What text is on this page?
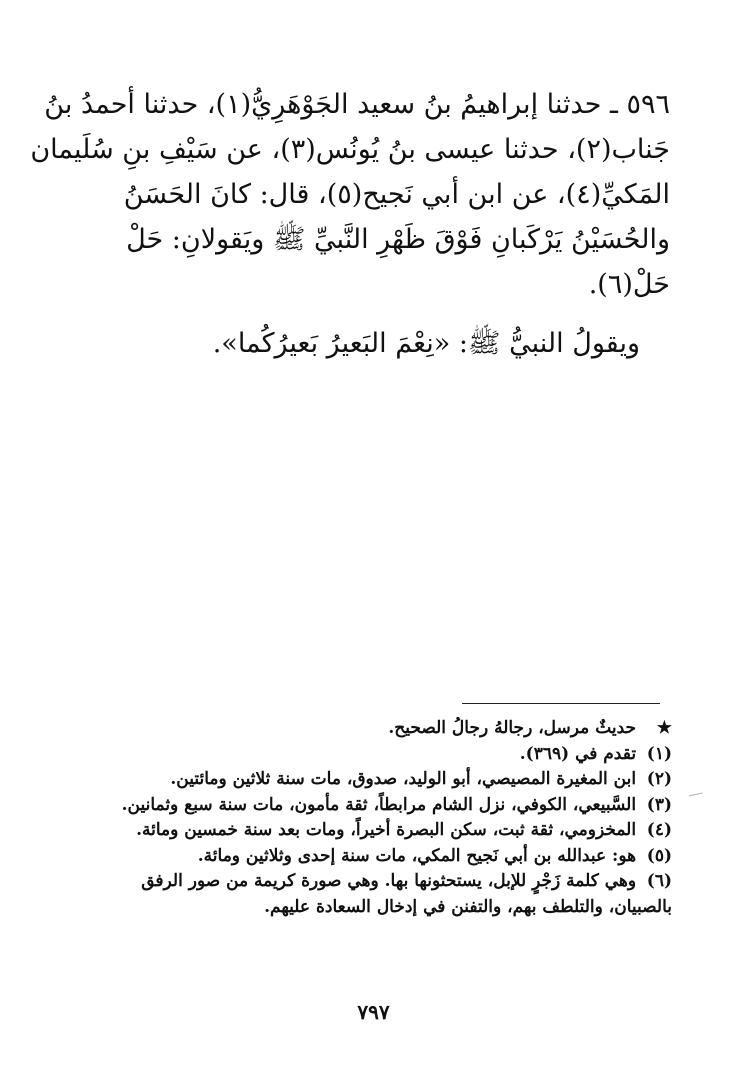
٥٩٦ ـ حدثنا إبراهيمُ بنُ سعيد الجَوْهَرِيُّ(١)، حدثنا أحمدُ بنُ
جَناب(٢)، حدثنا عيسى بنُ يُونُس(٣)، عن سَيْفِ بنِ سُلَيمان
المَكيِّ(٤)، عن ابن أبي نَجيح(٥)، قال: كانَ الحَسَنُ
والحُسَيْنُ يَرْكَبانِ فَوْقَ ظَهْرِ النَّبيِّ ﷺ ويَقولانِ: حَلْ
حَلْ(٦).
ويقولُ النبيُّ ﷺ: «نِعْمَ البَعيرُ بَعيرُكُما».
★ حديثٌ مرسل، رجالهُ رجالُ الصحيح.
(١) تقدم في (٣٦٩).
(٢) ابن المغيرة المصيصي، أبو الوليد، صدوق، مات سنة ثلاثين ومائتين.
(٣) السَّبيعي، الكوفي، نزل الشام مرابطاً، ثقة مأمون، مات سنة سبع وثمانين.
(٤) المخزومي، ثقة ثبت، سكن البصرة أخيراً، ومات بعد سنة خمسين ومائة.
(٥) هو: عبدالله بن أبي نَجيح المكي، مات سنة إحدى وثلاثين ومائة.
(٦) وهي كلمة زَجْرٍ للإبل، يستحثونها بها. وهي صورة كريمة من صور الرفق
بالصبيان، والتلطف بهم، والتفنن في إدخال السعادة عليهم.
٧٩٧
